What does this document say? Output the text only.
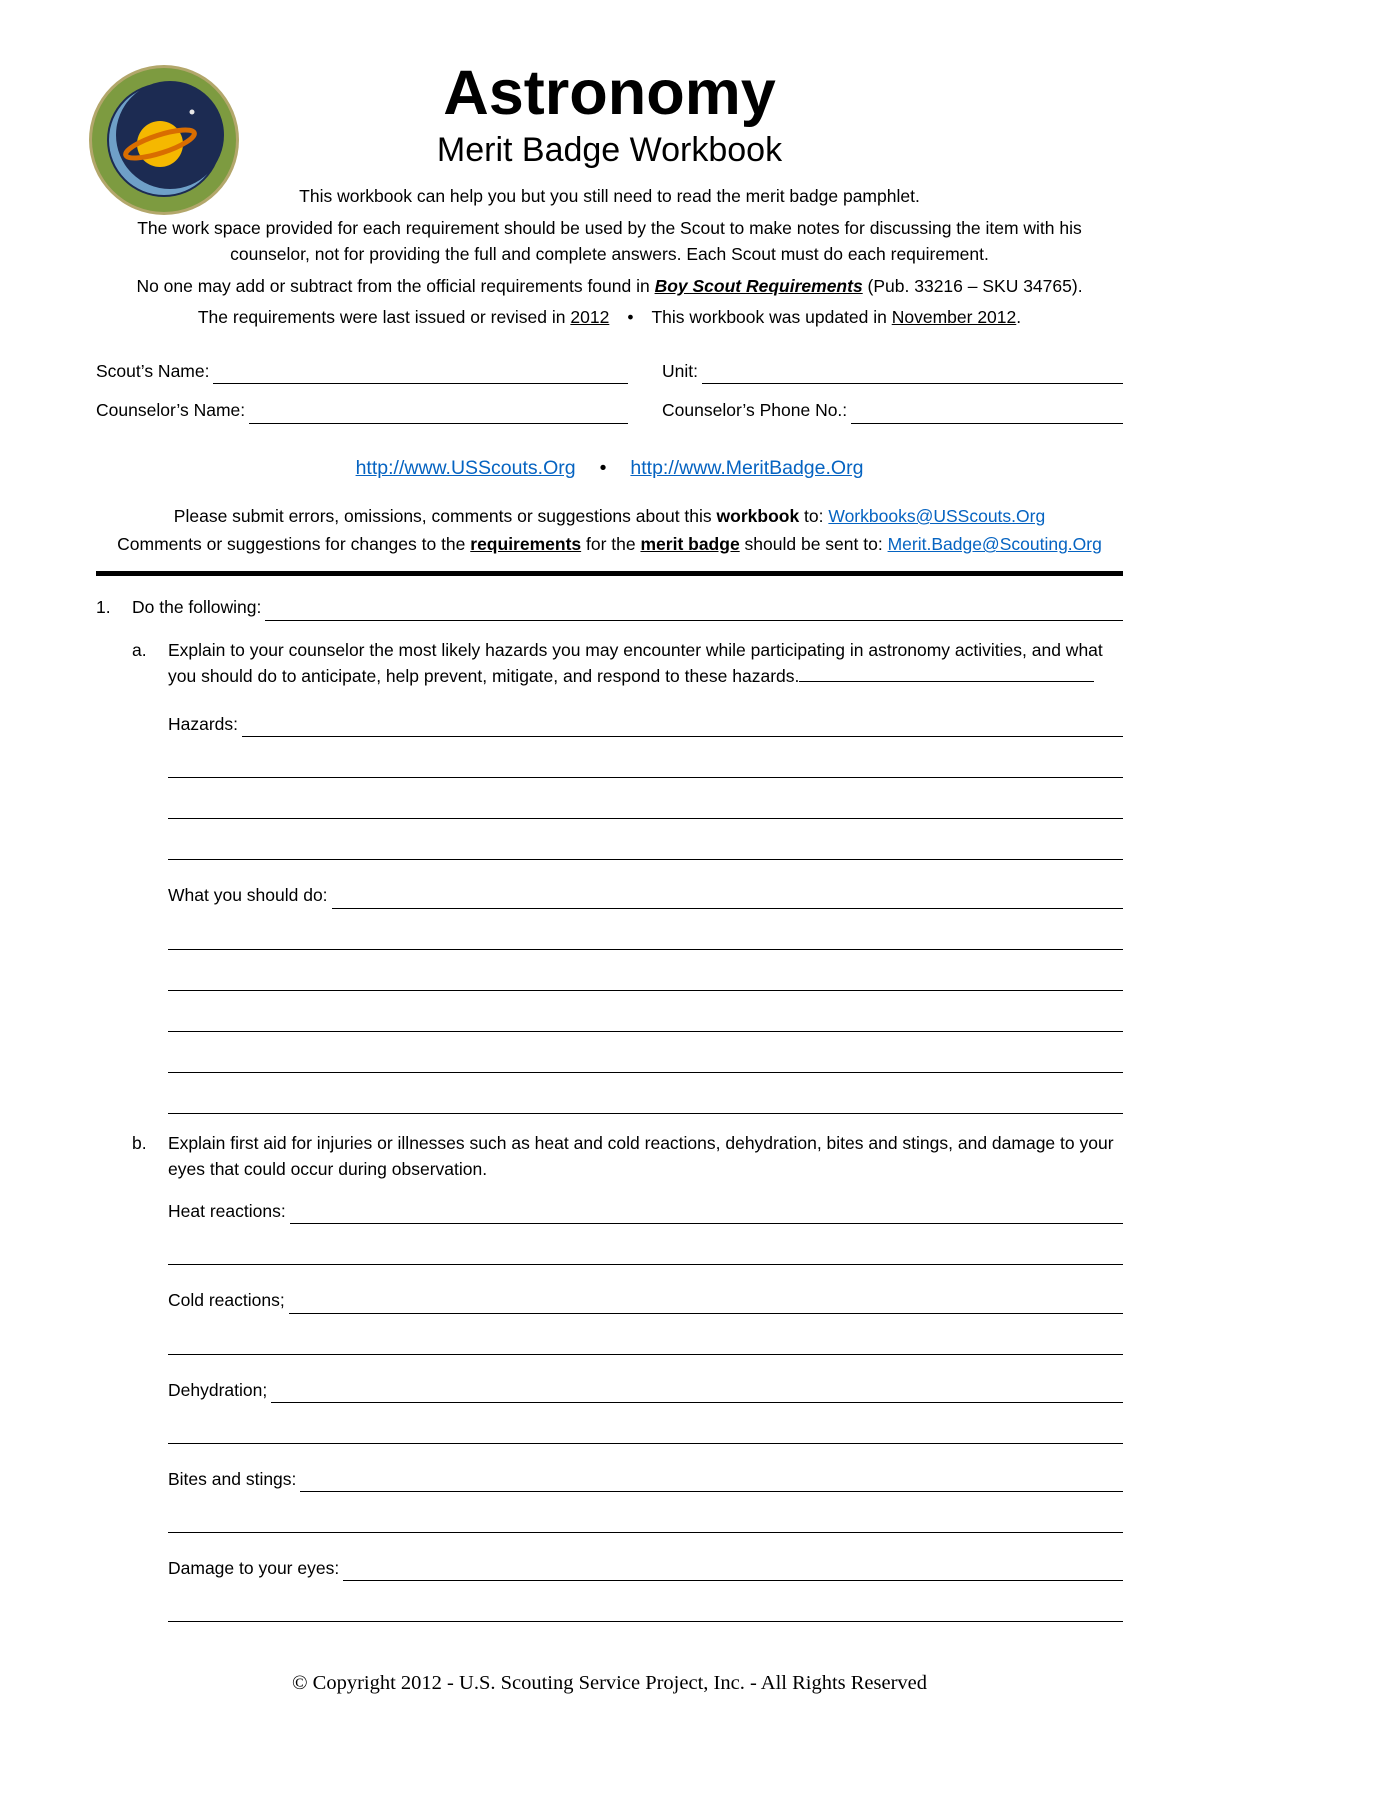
Astronomy
Merit Badge Workbook
This workbook can help you but you still need to read the merit badge pamphlet.
The work space provided for each requirement should be used by the Scout to make notes for discussing the item with his counselor, not for providing the full and complete answers. Each Scout must do each requirement.
No one may add or subtract from the official requirements found in Boy Scout Requirements (Pub. 33216 – SKU 34765).
The requirements were last issued or revised in 2012 • This workbook was updated in November 2012.
Scout’s Name:	Unit:
Counselor’s Name:	Counselor’s Phone No.:
http://www.USScouts.Org • http://www.MeritBadge.Org
Please submit errors, omissions, comments or suggestions about this workbook to: Workbooks@USScouts.Org
Comments or suggestions for changes to the requirements for the merit badge should be sent to: Merit.Badge@Scouting.Org
1.	Do the following:
a.	Explain to your counselor the most likely hazards you may encounter while participating in astronomy activities, and what you should do to anticipate, help prevent, mitigate, and respond to these hazards.
Hazards:
What you should do:
b.	Explain first aid for injuries or illnesses such as heat and cold reactions, dehydration, bites and stings, and damage to your eyes that could occur during observation.
Heat reactions:
Cold reactions;
Dehydration;
Bites and stings:
Damage to your eyes:
© Copyright 2012 - U.S. Scouting Service Project, Inc. - All Rights Reserved
